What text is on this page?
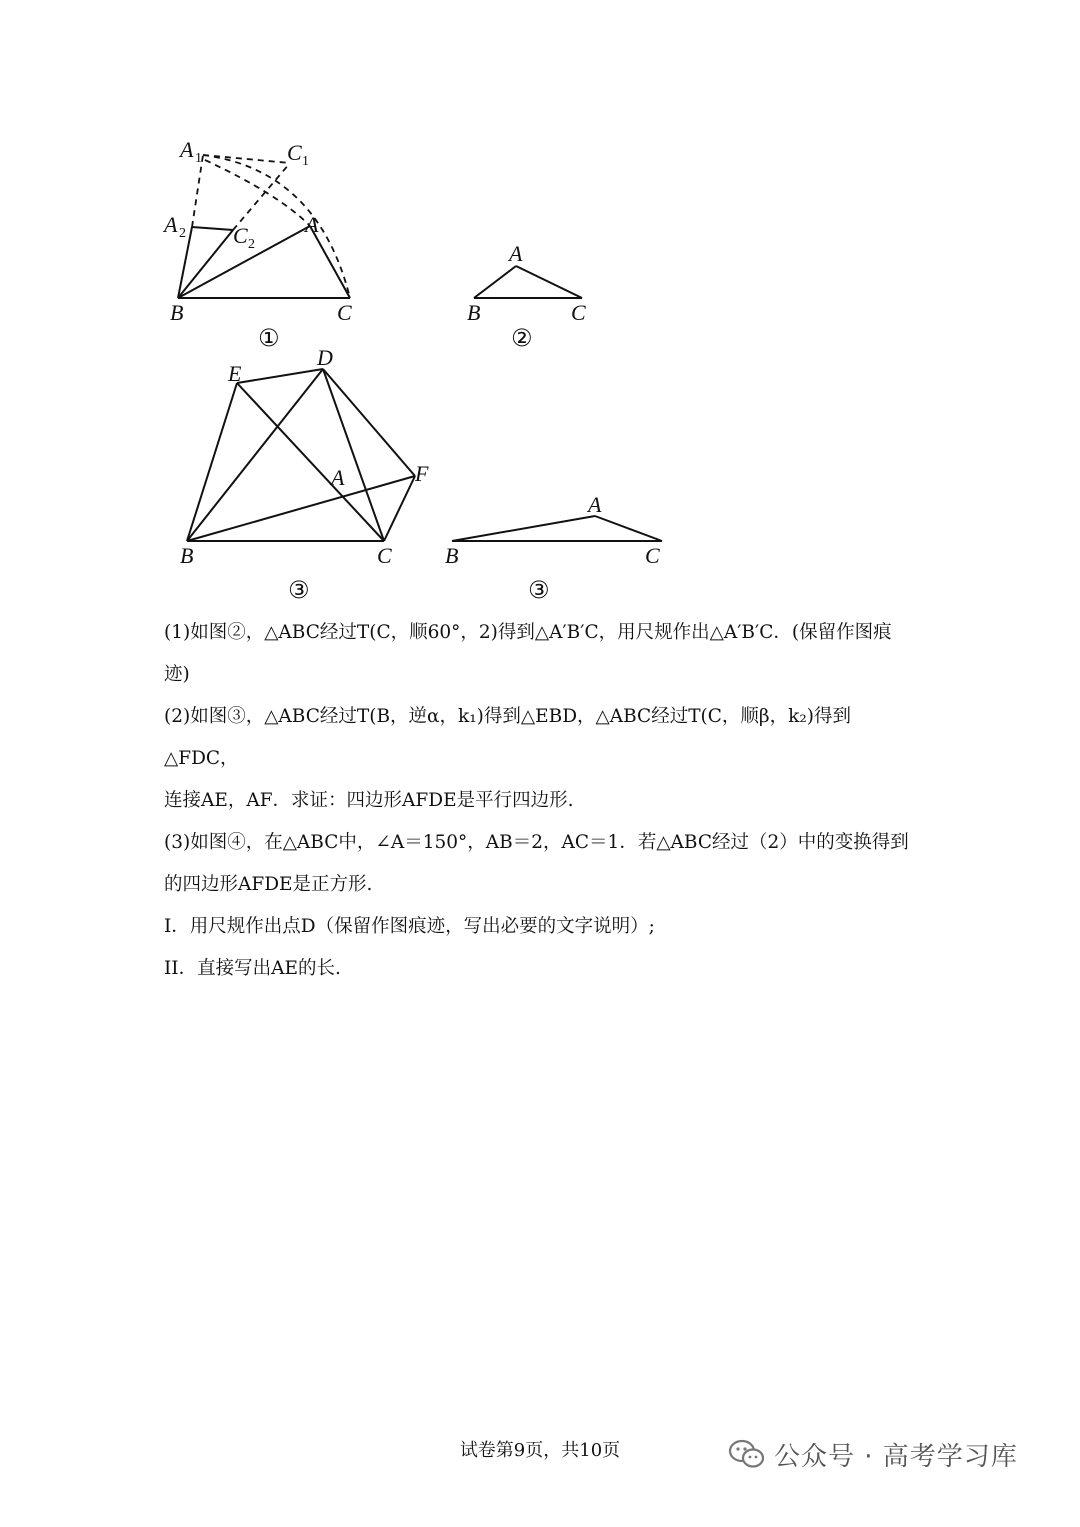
A 1	C 1
A 2 C 2
A
B	C
①
A
B	C
②
E
D
A	F
B	C
③
A
B	C
③

(1)如图②，△ABC经过T(C，顺60°，2)得到△A′B′C，用尺规作出△A′B′C．(保留作图痕

迹)

(2)如图③，△ABC经过T(B，逆α，k₁)得到△EBD，△ABC经过T(C，顺β，k₂)得到△FDC，

连接AE，AF．求证：四边形AFDE是平行四边形.

(3)如图④，在△ABC中，∠A＝150°，AB＝2，AC＝1．若△ABC经过（2）中的变换得到

的四边形AFDE是正方形.

I．用尺规作出点D（保留作图痕迹，写出必要的文字说明）;

II．直接写出AE的长.

试卷第9页，共10页	公众号 · 高考学习库
